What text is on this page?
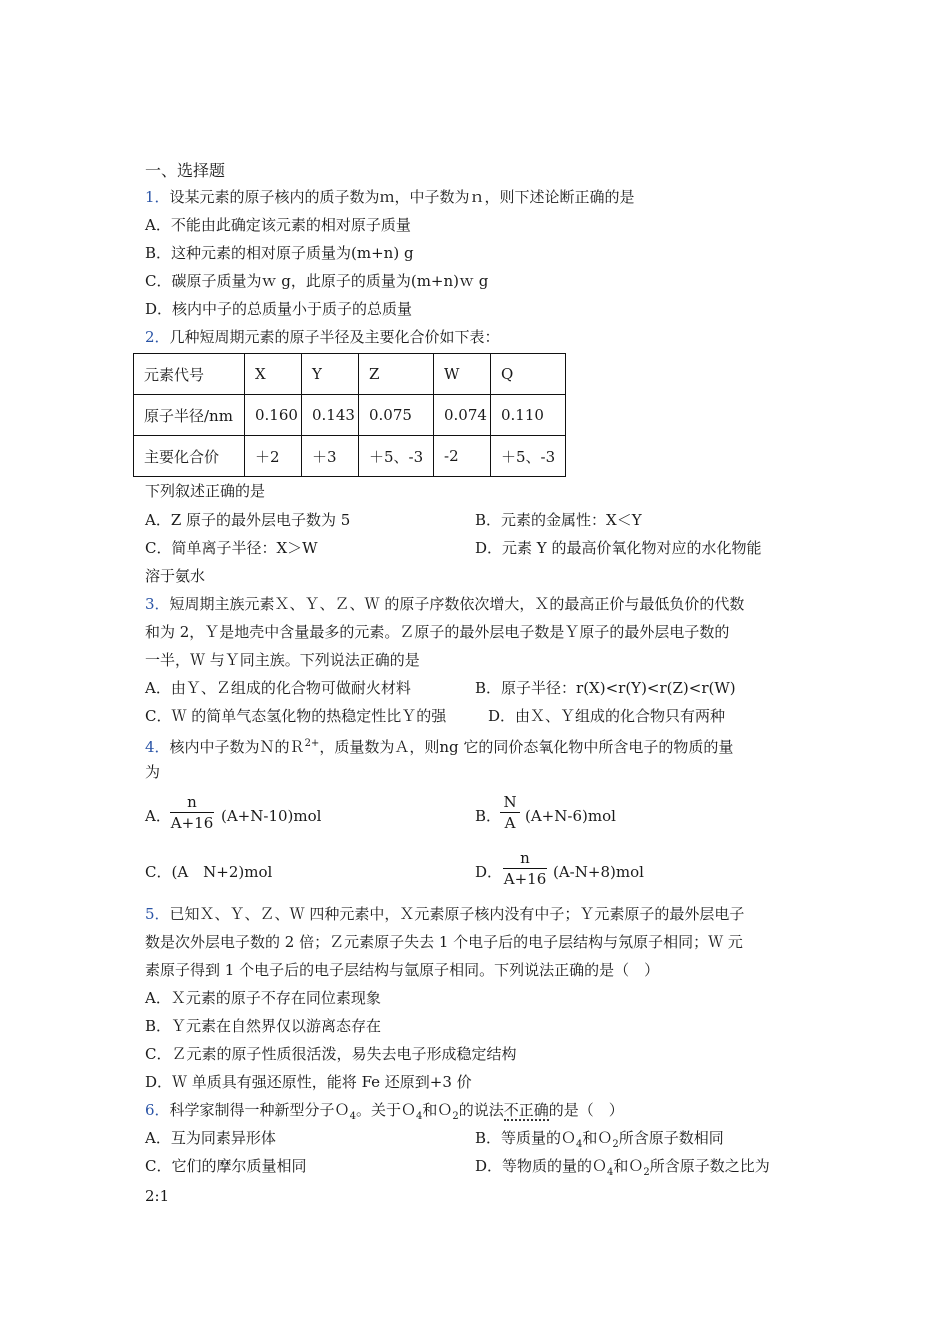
一、选择题
1．设某元素的原子核内的质子数为ｍ，中子数为ｎ，则下述论断正确的是
A．不能由此确定该元素的相对原子质量
B．这种元素的相对原子质量为(m+n) g
C．碳原子质量为ｗ g，此原子的质量为(m+n)ｗ g
D．核内中子的总质量小于质子的总质量
2．几种短周期元素的原子半径及主要化合价如下表：
元素代号	X	Y	Z	W	Q
原子半径/nm	0.160	0.143	0.075	0.074	0.110
主要化合价	＋2	＋3	＋5、-3	-2	＋5、-3
下列叙述正确的是
A．Z 原子的最外层电子数为 5	B．元素的金属性：X＜Y
C．简单离子半径：X＞W	D．元素 Y 的最高价氧化物对应的水化物能
溶于氨水
3．短周期主族元素Ｘ、Ｙ、Ｚ、Ｗ 的原子序数依次增大，Ｘ的最高正价与最低负价的代数
和为 2，Ｙ是地壳中含量最多的元素。Ｚ原子的最外层电子数是Ｙ原子的最外层电子数的
一半，Ｗ 与Ｙ同主族。下列说法正确的是
A．由Ｙ、Ｚ组成的化合物可做耐火材料	B．原子半径：r(X)<r(Y)<r(Z)<r(W)
C．Ｗ 的简单气态氢化物的热稳定性比Ｙ的强	D．由Ｘ、Ｙ组成的化合物只有两种
4．核内中子数为Ｎ的Ｒ$^{2+}$，质量数为Ａ，则ng 它的同价态氧化物中所含电子的物质的量
为
A．
n
A+16 (A+N-10)mol	B．
N
A (A+N-6)mol
C．(A　N+2)mol	D．
n
A+16 (A-N+8)mol
5．已知Ｘ、Ｙ、Ｚ、Ｗ 四种元素中，Ｘ元素原子核内没有中子；Ｙ元素原子的最外层电子
数是次外层电子数的 2 倍；Ｚ元素原子失去 1 个电子后的电子层结构与氖原子相同；Ｗ 元
素原子得到 1 个电子后的电子层结构与氩原子相同。下列说法正确的是（　）
A．Ｘ元素的原子不存在同位素现象
B．Ｙ元素在自然界仅以游离态存在
C．Ｚ元素的原子性质很活泼，易失去电子形成稳定结构
D．Ｗ 单质具有强还原性，能将 Fe 还原到+3 价
6．科学家制得一种新型分子Ｏ$_4$。关于Ｏ$_4$和Ｏ$_2$的说法不正确的是（　）
A．互为同素异形体	B．等质量的Ｏ$_4$和Ｏ$_2$所含原子数相同
C．它们的摩尔质量相同	D．等物质的量的Ｏ$_4$和Ｏ$_2$所含原子数之比为
2:1
